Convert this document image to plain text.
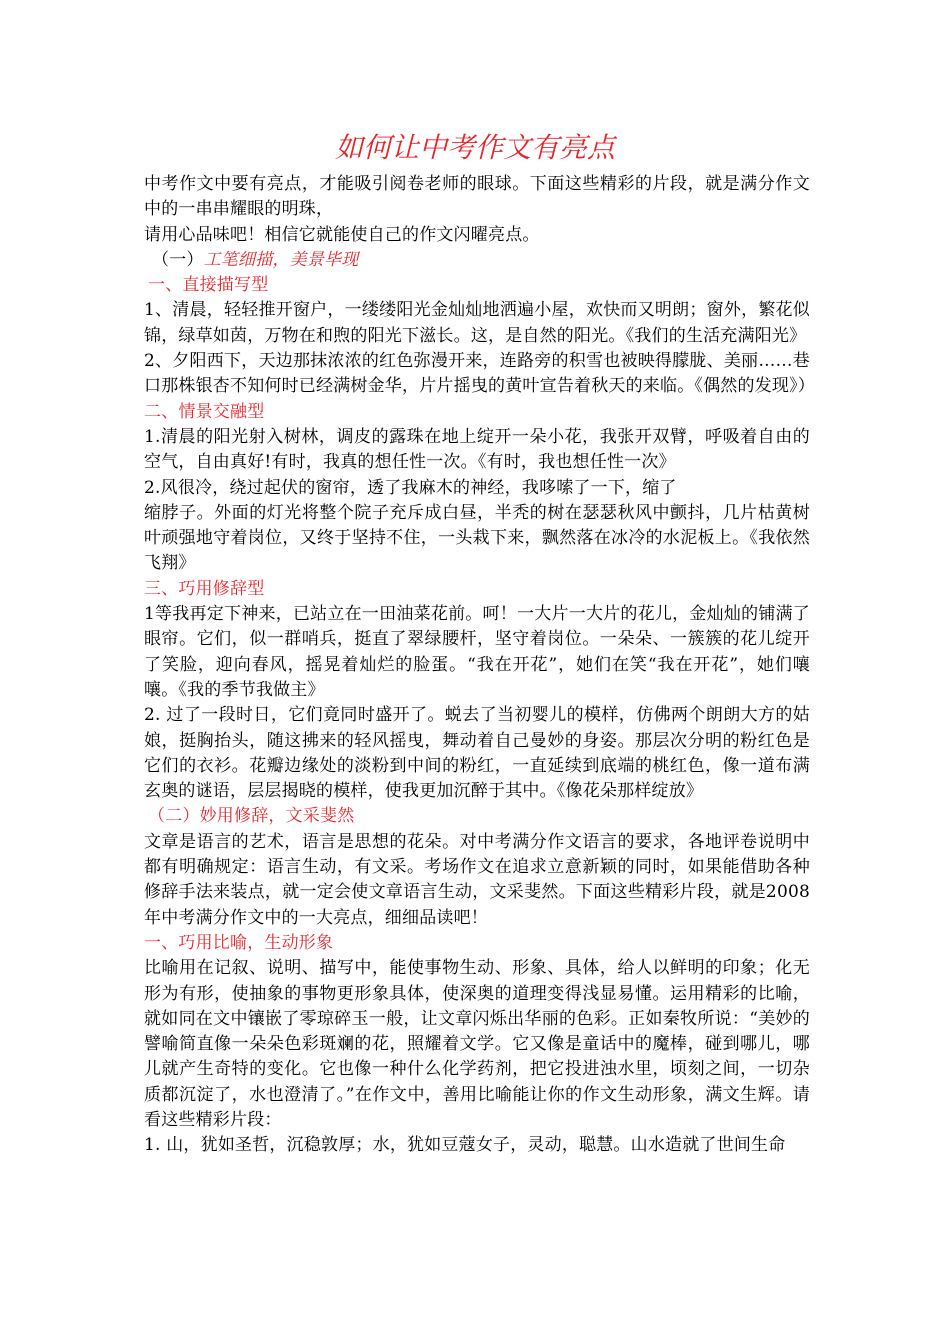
如何让中考作文有亮点

中考作文中要有亮点，才能吸引阅卷老师的眼球。下面这些精彩的片段，就是满分作文中的一串串耀眼的明珠，

请用心品味吧！相信它就能使自己的作文闪曜亮点。

（一）工笔细描，美景毕现

一、直接描写型

1、清晨，轻轻推开窗户，一缕缕阳光金灿灿地洒遍小屋，欢快而又明朗；窗外，繁花似锦，绿草如茵，万物在和煦的阳光下滋长。这，是自然的阳光。《我们的生活充满阳光》

2、夕阳西下，天边那抹浓浓的红色弥漫开来，连路旁的积雪也被映得朦胧、美丽……巷口那株银杏不知何时已经满树金华，片片摇曳的黄叶宣告着秋天的来临。《偶然的发现》）

二、情景交融型

1.清晨的阳光射入树林，调皮的露珠在地上绽开一朵小花，我张开双臂，呼吸着自由的空气，自由真好!有时，我真的想任性一次。《有时，我也想任性一次》

2.风很冷，绕过起伏的窗帘，透了我麻木的神经，我哆嗦了一下，缩了

缩脖子。外面的灯光将整个院子充斥成白昼，半秃的树在瑟瑟秋风中颤抖，几片枯黄树叶顽强地守着岗位，又终于坚持不住，一头栽下来，飘然落在冰冷的水泥板上。《我依然飞翔》

三、巧用修辞型

1等我再定下神来，已站立在一田油菜花前。呵！一大片一大片的花儿，金灿灿的铺满了眼帘。它们，似一群哨兵，挺直了翠绿腰杆，坚守着岗位。一朵朵、一簇簇的花儿绽开了笑脸，迎向春风，摇晃着灿烂的脸蛋。“我在开花”，她们在笑“我在开花”，她们嚷嚷。《我的季节我做主》

2. 过了一段时日，它们竟同时盛开了。蜕去了当初婴儿的模样，仿佛两个朗朗大方的姑娘，挺胸抬头，随这拂来的轻风摇曳，舞动着自己曼妙的身姿。那层次分明的粉红色是它们的衣衫。花瓣边缘处的淡粉到中间的粉红，一直延续到底端的桃红色，像一道布满玄奥的谜语，层层揭晓的模样，使我更加沉醉于其中。《像花朵那样绽放》

（二）妙用修辞，文采斐然

文章是语言的艺术，语言是思想的花朵。对中考满分作文语言的要求，各地评卷说明中都有明确规定：语言生动，有文采。考场作文在追求立意新颖的同时，如果能借助各种修辞手法来装点，就一定会使文章语言生动，文采斐然。下面这些精彩片段，就是2008年中考满分作文中的一大亮点，细细品读吧！

一、巧用比喻，生动形象

比喻用在记叙、说明、描写中，能使事物生动、形象、具体，给人以鲜明的印象；化无形为有形，使抽象的事物更形象具体，使深奥的道理变得浅显易懂。运用精彩的比喻，就如同在文中镶嵌了零琼碎玉一般，让文章闪烁出华丽的色彩。正如秦牧所说：“美妙的譬喻简直像一朵朵色彩斑斓的花，照耀着文学。它又像是童话中的魔棒，碰到哪儿，哪儿就产生奇特的变化。它也像一种什么化学药剂，把它投进浊水里，顷刻之间，一切杂质都沉淀了，水也澄清了。”在作文中，善用比喻能让你的作文生动形象，满文生辉。请看这些精彩片段：

1. 山，犹如圣哲，沉稳敦厚；水，犹如豆蔻女子，灵动，聪慧。山水造就了世间生命
